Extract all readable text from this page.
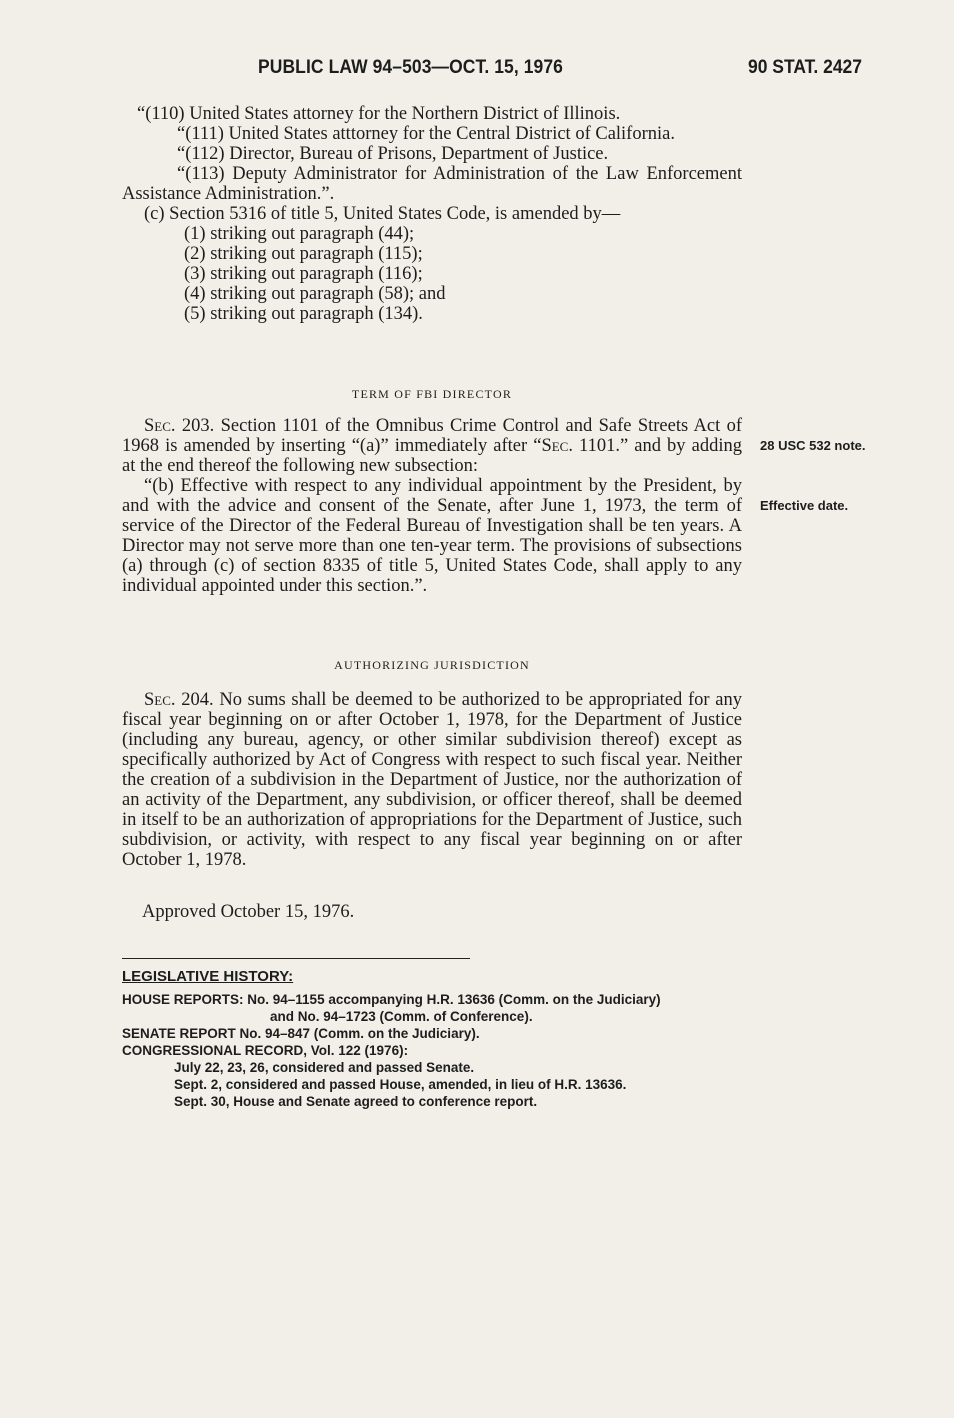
PUBLIC LAW 94–503—OCT. 15, 1976	90 STAT. 2427

“(110) United States attorney for the Northern District of Illinois.

“(111) United States atttorney for the Central District of California.

“(112) Director, Bureau of Prisons, Department of Justice.

“(113) Deputy Administrator for Administration of the Law Enforcement Assistance Administration.”.

(c) Section 5316 of title 5, United States Code, is amended by—

(1) striking out paragraph (44);

(2) striking out paragraph (115);

(3) striking out paragraph (116);

(4) striking out paragraph (58); and

(5) striking out paragraph (134).

TERM OF FBI DIRECTOR

Sec. 203. Section 1101 of the Omnibus Crime Control and Safe Streets Act of 1968 is amended by inserting “(a)” immediately after “Sec. 1101.” and by adding at the end thereof the following new subsection:

“(b) Effective with respect to any individual appointment by the President, by and with the advice and consent of the Senate, after June 1, 1973, the term of service of the Director of the Federal Bureau of Investigation shall be ten years. A Director may not serve more than one ten-year term. The provisions of subsections (a) through (c) of section 8335 of title 5, United States Code, shall apply to any individual appointed under this section.”.

28 USC 532 note.
Effective date.
AUTHORIZING JURISDICTION

Sec. 204. No sums shall be deemed to be authorized to be appropriated for any fiscal year beginning on or after October 1, 1978, for the Department of Justice (including any bureau, agency, or other similar subdivision thereof) except as specifically authorized by Act of Congress with respect to such fiscal year. Neither the creation of a subdivision in the Department of Justice, nor the authorization of an activity of the Department, any subdivision, or officer thereof, shall be deemed in itself to be an authorization of appropriations for the Department of Justice, such subdivision, or activity, with respect to any fiscal year beginning on or after October 1, 1978.

Approved October 15, 1976.
LEGISLATIVE HISTORY:
HOUSE REPORTS: No. 94–1155 accompanying H.R. 13636 (Comm. on the Judiciary)
and No. 94–1723 (Comm. of Conference).
SENATE REPORT No. 94–847 (Comm. on the Judiciary).
CONGRESSIONAL RECORD, Vol. 122 (1976):
July 22, 23, 26, considered and passed Senate.
Sept. 2, considered and passed House, amended, in lieu of H.R. 13636.
Sept. 30, House and Senate agreed to conference report.
